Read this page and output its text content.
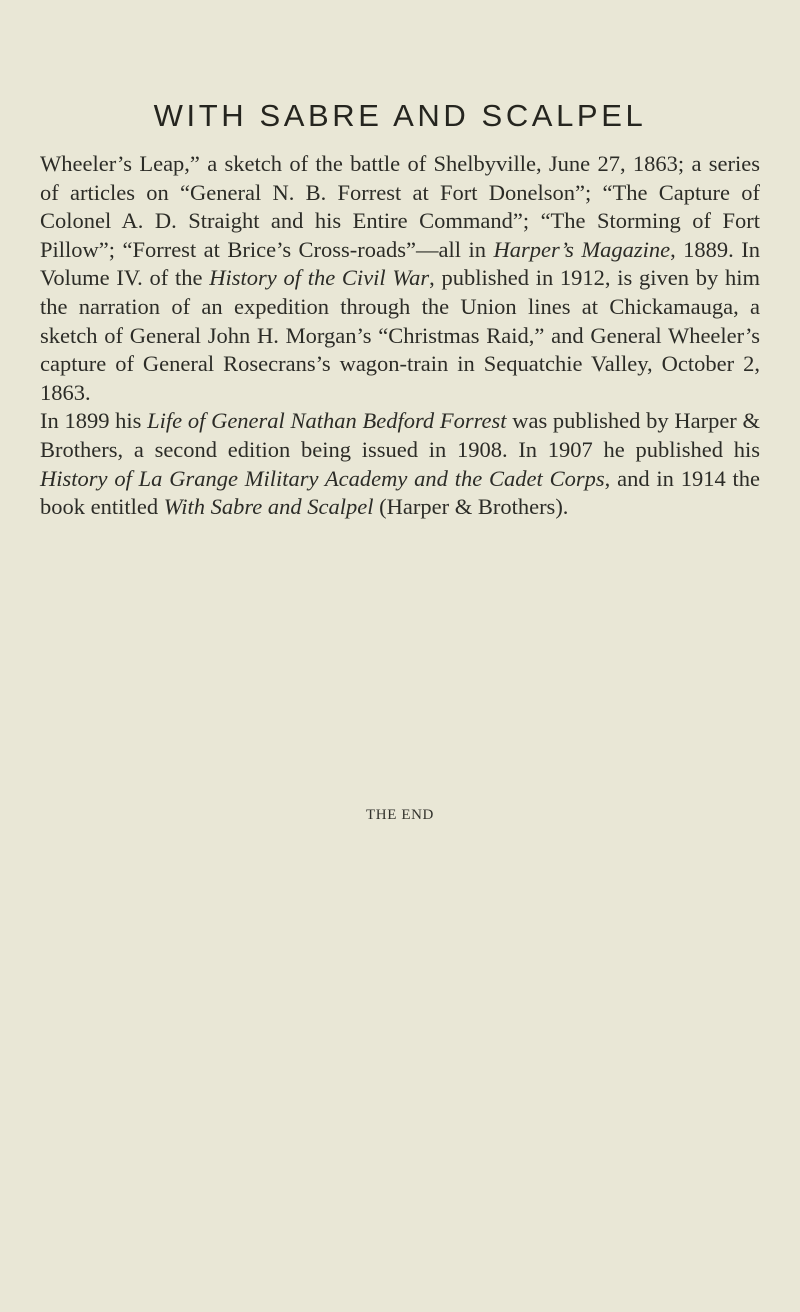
WITH SABRE AND SCALPEL

Wheeler’s Leap,” a sketch of the battle of Shelbyville, June 27, 1863; a series of articles on “General N. B. Forrest at Fort Donelson”; “The Capture of Colonel A. D. Straight and his Entire Command”; “The Storming of Fort Pillow”; “Forrest at Brice’s Cross-roads”—all in Harper’s Magazine, 1889. In Volume IV. of the History of the Civil War, published in 1912, is given by him the narration of an expedition through the Union lines at Chickamauga, a sketch of General John H. Morgan’s “Christmas Raid,” and General Wheeler’s capture of General Rosecrans’s wagon-train in Sequatchie Valley, October 2, 1863.

In 1899 his Life of General Nathan Bedford Forrest was published by Harper & Brothers, a second edition being issued in 1908. In 1907 he published his History of La Grange Military Academy and the Cadet Corps, and in 1914 the book entitled With Sabre and Scalpel (Harper & Brothers).

THE END
